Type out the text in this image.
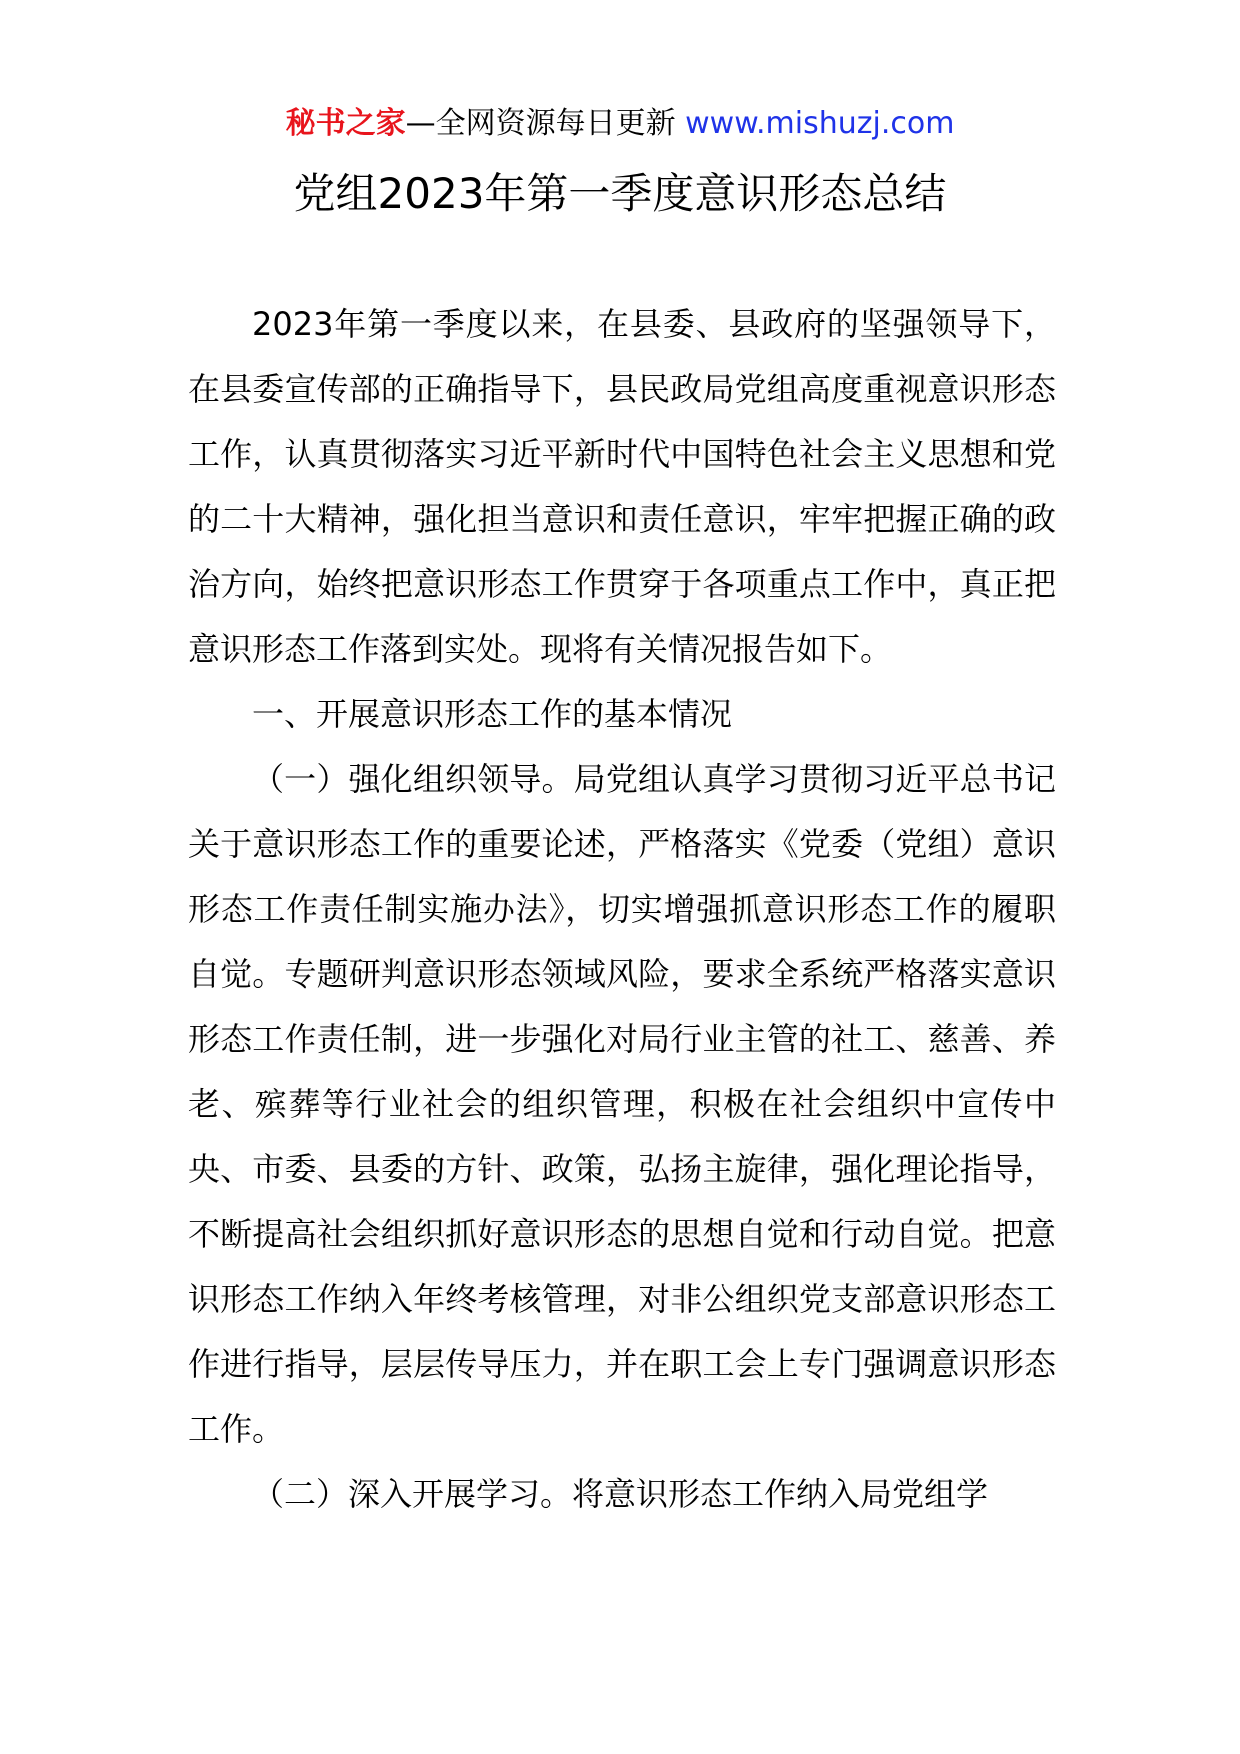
秘书之家—全网资源每日更新 www.mishuzj.com
党组2023年第一季度意识形态总结

2023年第一季度以来，在县委、县政府的坚强领导下，在县委宣传部的正确指导下，县民政局党组高度重视意识形态工作，认真贯彻落实习近平新时代中国特色社会主义思想和党的二十大精神，强化担当意识和责任意识，牢牢把握正确的政治方向，始终把意识形态工作贯穿于各项重点工作中，真正把意识形态工作落到实处。现将有关情况报告如下。

一、开展意识形态工作的基本情况

（一）强化组织领导。局党组认真学习贯彻习近平总书记关于意识形态工作的重要论述，严格落实《党委（党组）意识形态工作责任制实施办法》，切实增强抓意识形态工作的履职自觉。专题研判意识形态领域风险，要求全系统严格落实意识形态工作责任制，进一步强化对局行业主管的社工、慈善、养老、殡葬等行业社会的组织管理，积极在社会组织中宣传中央、市委、县委的方针、政策，弘扬主旋律，强化理论指导，不断提高社会组织抓好意识形态的思想自觉和行动自觉。把意识形态工作纳入年终考核管理，对非公组织党支部意识形态工作进行指导，层层传导压力，并在职工会上专门强调意识形态工作。

（二）深入开展学习。将意识形态工作纳入局党组学
